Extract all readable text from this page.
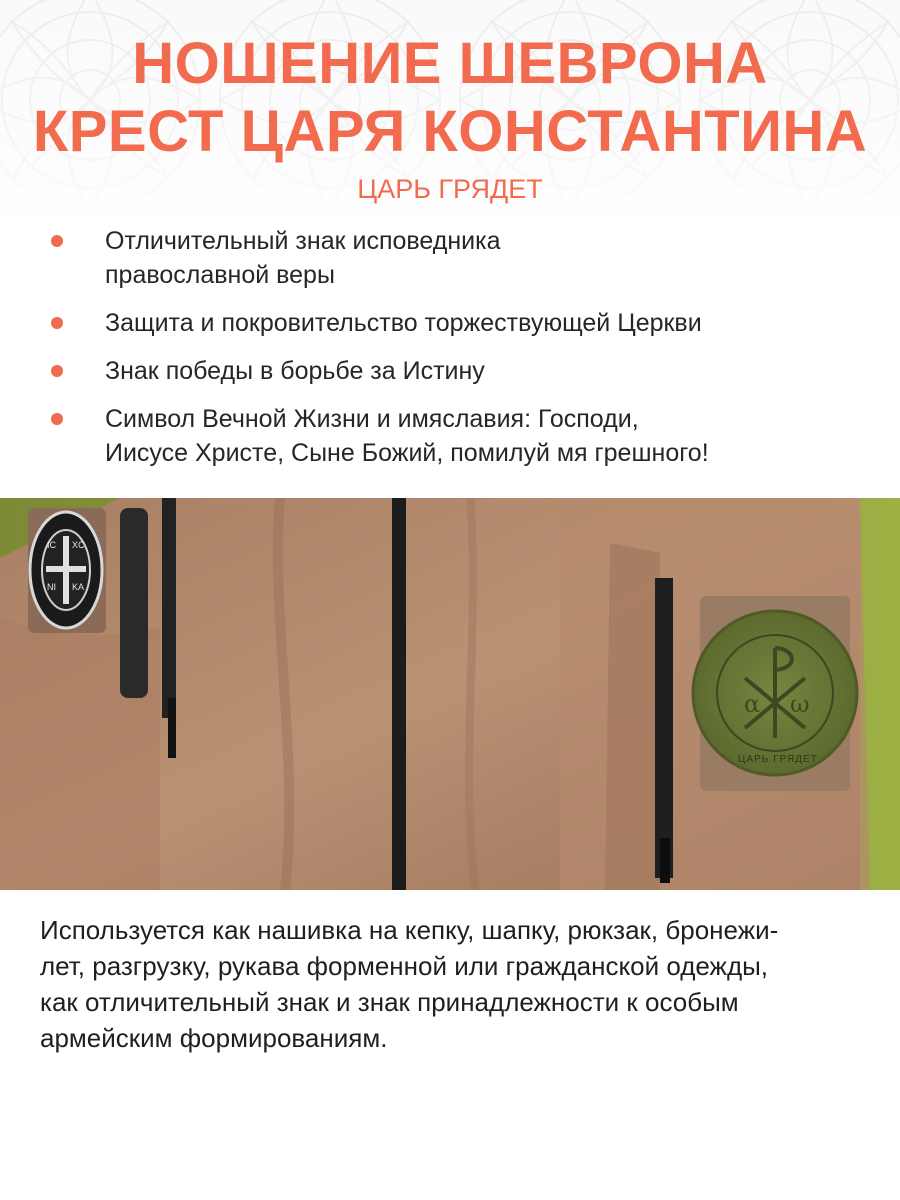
НОШЕНИЕ ШЕВРОНА
КРЕСТ ЦАРЯ КОНСТАНТИНА
ЦАРЬ ГРЯДЕТ
Отличительный знак исповедника
православной веры
Защита и покровительство торжествующей Церкви
Знак победы в борьбе за Истину
Символ Вечной Жизни и имяславия: Господи,
Иисусе Христе, Сыне Божий, помилуй мя грешного!
α ω
ЦАРЬ ГРЯДЕТ
IC XC
NI KA

Используется как нашивка на кепку, шапку, рюкзак, бронежи-
лет, разгрузку, рукава форменной или гражданской одежды,
как отличительный знак и знак принадлежности к особым
армейским формированиям.
